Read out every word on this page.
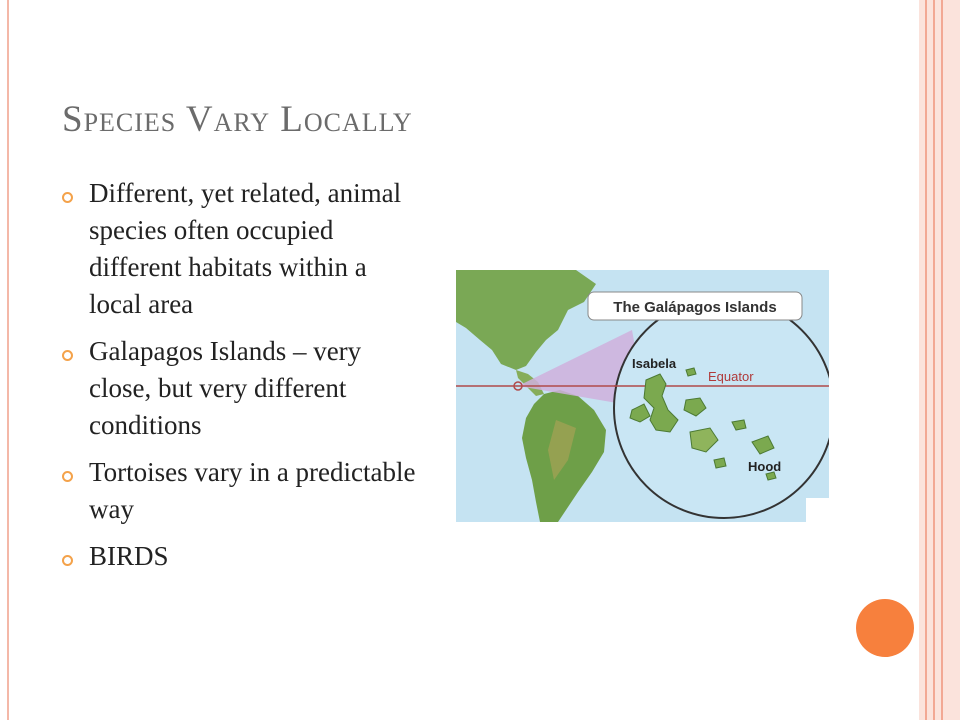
Species Vary Locally
Different, yet related, animal species often occupied different habitats within a local area
Galapagos Islands – very close, but very different conditions
Tortoises vary in a predictable way
BIRDS
The Galápagos Islands
Isabela
Equator
Hood
